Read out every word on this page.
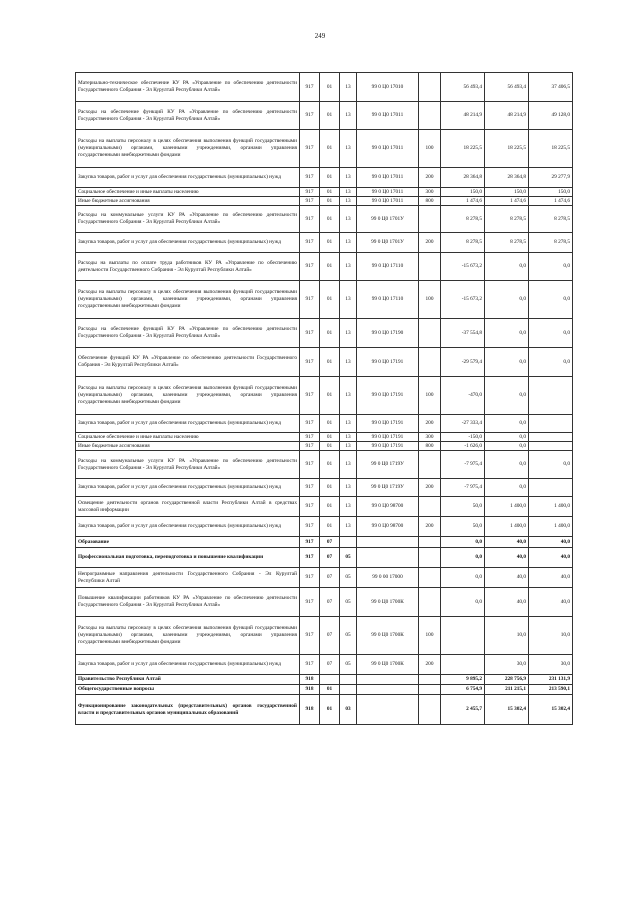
249
Материально-техническое обеспечение КУ РА «Управление по обеспечению деятельности Государственного Собрания - Эл Курултай Республики Алтай»	917	01	13	99 0 Ц0 17010		56 493,4	56 493,4	37 406,5
Расходы на обеспечение функций КУ РА «Управление по обеспечению деятельности Государственного Собрания - Эл Курултай Республики Алтай»	917	01	13	99 0 Ц0 17011		48 214,9	48 214,9	49 128,0
Расходы на выплаты персоналу в целях обеспечения выполнения функций государственными (муниципальными) органами, казенными учреждениями, органами управления государственными внебюджетными фондами	917	01	13	99 0 Ц0 17011	100	18 225,5	18 225,5	18 225,5
Закупка товаров, работ и услуг для обеспечения государственных (муниципальных) нужд	917	01	13	99 0 Ц0 17011	200	28 364,8	28 364,8	29 277,9
Социальное обеспечение и иные выплаты населению	917	01	13	99 0 Ц0 17011	300	150,0	150,0	150,0
Иные бюджетные ассигнования	917	01	13	99 0 Ц0 17011	800	1 474,6	1 474,6	1 474,6
Расходы на коммунальные услуги КУ РА «Управление по обеспечению деятельности Государственного Собрания - Эл Курултай Республики Алтай»	917	01	13	99 0 Ц0 1701У		8 278,5	8 278,5	8 278,5
Закупка товаров, работ и услуг для обеспечения государственных (муниципальных) нужд	917	01	13	99 0 Ц0 1701У	200	8 278,5	8 278,5	8 278,5
Расходы на выплаты по оплате труда работников КУ РА «Управление по обеспечению деятельности Государственного Собрания - Эл Курултай Республики Алтай»	917	01	13	99 0 Ц0 17110		-15 673,2	0,0	0,0
Расходы на выплаты персоналу в целях обеспечения выполнения функций государственными (муниципальными) органами, казенными учреждениями, органами управления государственными внебюджетными фондами	917	01	13	99 0 Ц0 17110	100	-15 673,2	0,0	0,0
Расходы на обеспечение функций КУ РА «Управление по обеспечению деятельности Государственного Собрания - Эл Курултай Республики Алтай»	917	01	13	99 0 Ц0 17190		-37 554,8	0,0	0,0
Обеспечение функций КУ РА «Управление по обеспечению деятельности Государственного Собрания - Эл Курултай Республики Алтай»	917	01	13	99 0 Ц0 17191		-29 579,4	0,0	0,0
Расходы на выплаты персоналу в целях обеспечения выполнения функций государственными (муниципальными) органами, казенными учреждениями, органами управления государственными внебюджетными фондами	917	01	13	99 0 Ц0 17191	100	-470,0	0,0	
Закупка товаров, работ и услуг для обеспечения государственных (муниципальных) нужд	917	01	13	99 0 Ц0 17191	200	-27 333,4	0,0	
Социальное обеспечение и иные выплаты населению	917	01	13	99 0 Ц0 17191	300	-150,0	0,0	
Иные бюджетные ассигнования	917	01	13	99 0 Ц0 17191	800	-1 626,0	0,0	
Расходы на коммунальные услуги КУ РА «Управление по обеспечению деятельности Государственного Собрания - Эл Курултай Республики Алтай»	917	01	13	99 0 Ц0 1719У		-7 975,4	0,0	0,0
Закупка товаров, работ и услуг для обеспечения государственных (муниципальных) нужд	917	01	13	99 0 Ц0 1719У	200	-7 975,4	0,0	
Освещение деятельности органов государственной власти Республики Алтай в средствах массовой информации	917	01	13	99 0 Ц0 98700		50,0	1 400,0	1 400,0
Закупка товаров, работ и услуг для обеспечения государственных (муниципальных) нужд	917	01	13	99 0 Ц0 98700	200	50,0	1 400,0	1 400,0
Образование	917	07				0,0	40,0	40,0
Профессиональная подготовка, переподготовка и повышение квалификации	917	07	05			0,0	40,0	40,0
Непрограммные направления деятельности Государственного Собрания - Эл Курултай Республики Алтай	917	07	05	99 0 00 17000		0,0	40,0	40,0
Повышение квалификации работников КУ РА «Управление по обеспечению деятельности Государственного Собрания - Эл Курултай Республики Алтай»	917	07	05	99 0 Ц0 1700К		0,0	40,0	40,0
Расходы на выплаты персоналу в целях обеспечения выполнения функций государственными (муниципальными) органами, казенными учреждениями, органами управления государственными внебюджетными фондами	917	07	05	99 0 Ц0 1700К	100		10,0	10,0
Закупка товаров, работ и услуг для обеспечения государственных (муниципальных) нужд	917	07	05	99 0 Ц0 1700К	200		30,0	30,0
Правительство Республики Алтай	918					9 895,2	228 756,9	231 131,9
Общегосударственные вопросы	918	01				6 754,9	211 215,1	213 590,1
Функционирование законодательных (представительных) органов государственной власти и представительных органов муниципальных образований	918	01	03			2 455,7	15 302,4	15 302,4
